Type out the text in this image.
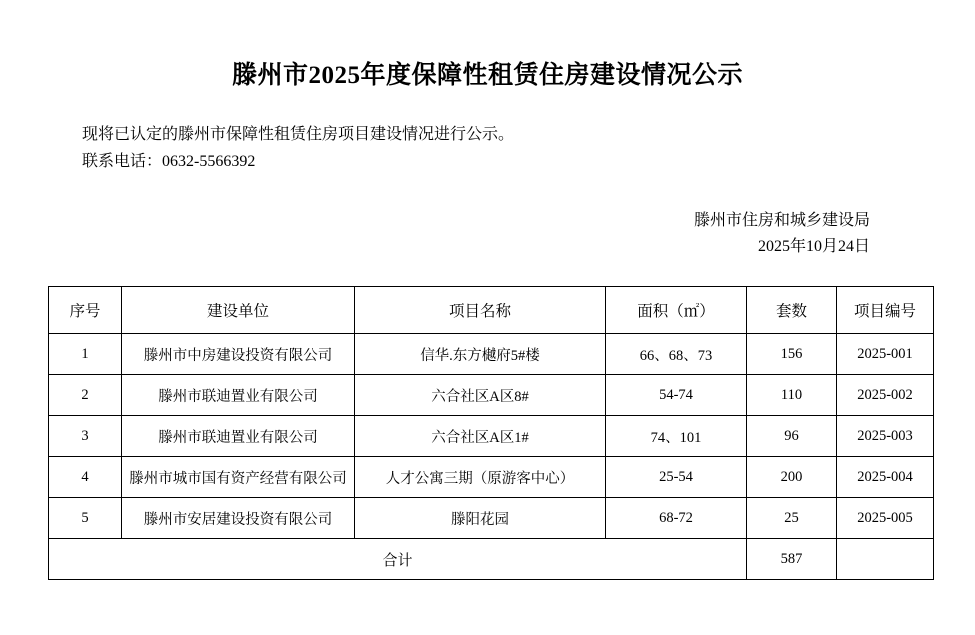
滕州市2025年度保障性租赁住房建设情况公示
现将已认定的滕州市保障性租赁住房项目建设情况进行公示。
联系电话：0632-5566392
滕州市住房和城乡建设局
2025年10月24日
序号	建设单位	项目名称	面积（㎡）	套数	项目编号
1	滕州市中房建设投资有限公司	信华.东方樾府5#楼	66、68、73	156	2025-001
2	滕州市联迪置业有限公司	六合社区A区8#	54-74	110	2025-002
3	滕州市联迪置业有限公司	六合社区A区1#	74、101	96	2025-003
4	滕州市城市国有资产经营有限公司	人才公寓三期（原游客中心）	25-54	200	2025-004
5	滕州市安居建设投资有限公司	滕阳花园	68-72	25	2025-005
合计				587	
